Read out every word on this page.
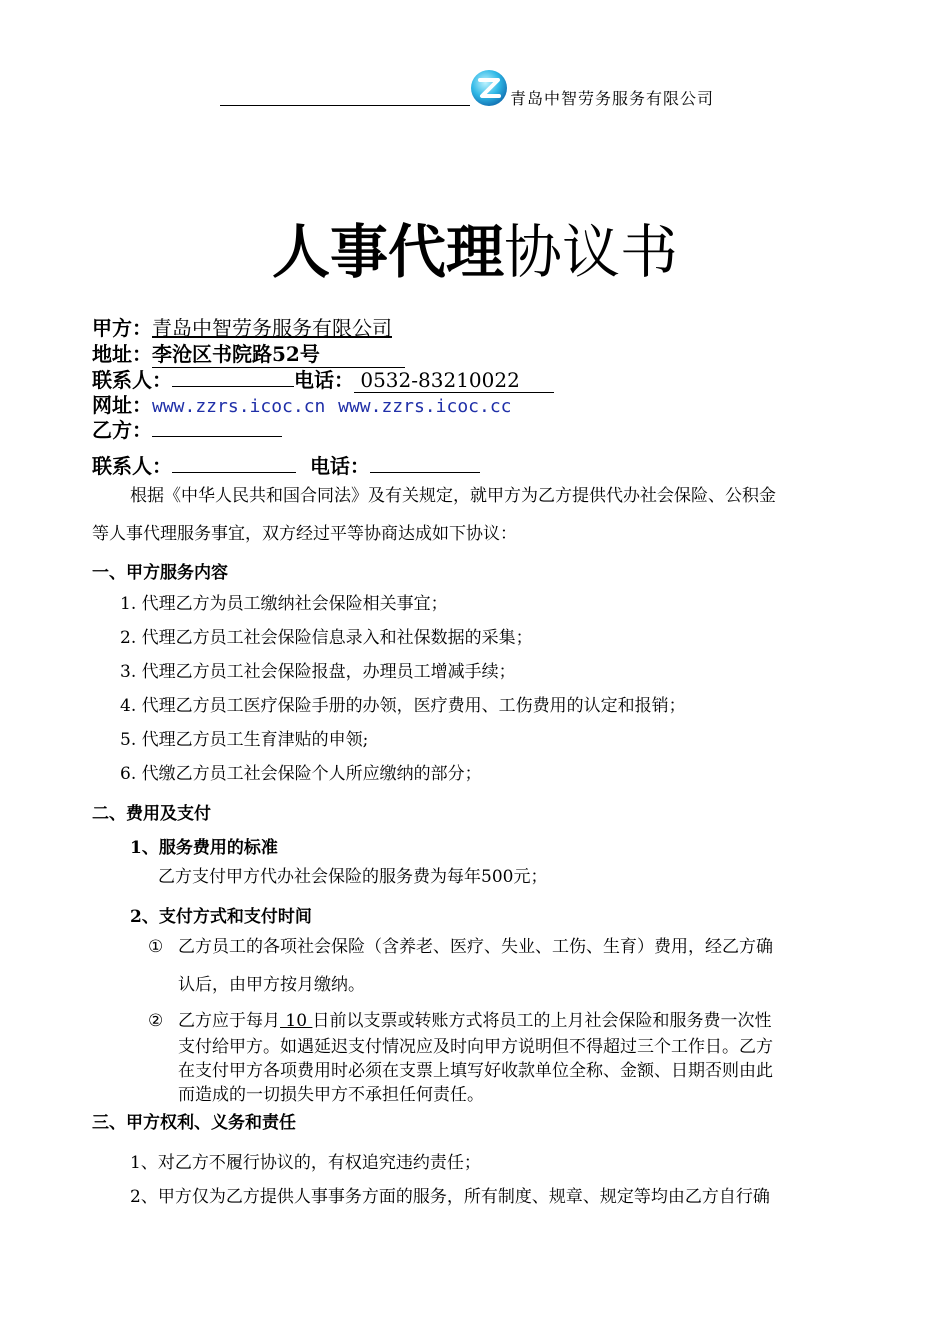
青岛中智劳务服务有限公司
人事代理协议书
甲方：青岛中智劳务服务有限公司
地址：李沧区书院路52号
联系人：	电话： 0532-83210022
网址：www.zzrs.icoc.cn www.zzrs.icoc.cc
乙方：
联系人：	电话：
根据《中华人民共和国合同法》及有关规定，就甲方为乙方提供代办社会保险、公积金
等人事代理服务事宜，双方经过平等协商达成如下协议：
一、甲方服务内容
1. 代理乙方为员工缴纳社会保险相关事宜；
2. 代理乙方员工社会保险信息录入和社保数据的采集；
3. 代理乙方员工社会保险报盘，办理员工增减手续；
4. 代理乙方员工医疗保险手册的办领，医疗费用、工伤费用的认定和报销；
5. 代理乙方员工生育津贴的申领;
6. 代缴乙方员工社会保险个人所应缴纳的部分；
二、费用及支付
1、服务费用的标准
乙方支付甲方代办社会保险的服务费为每年500元；
2、支付方式和支付时间
① 乙方员工的各项社会保险（含养老、医疗、失业、工伤、生育）费用，经乙方确
认后，由甲方按月缴纳。
② 乙方应于每月 10 日前以支票或转账方式将员工的上月社会保险和服务费一次性
支付给甲方。如遇延迟支付情况应及时向甲方说明但不得超过三个工作日。乙方
在支付甲方各项费用时必须在支票上填写好收款单位全称、金额、日期否则由此
而造成的一切损失甲方不承担任何责任。
三、甲方权利、义务和责任
1、对乙方不履行协议的，有权追究违约责任；
2、甲方仅为乙方提供人事事务方面的服务，所有制度、规章、规定等均由乙方自行确
